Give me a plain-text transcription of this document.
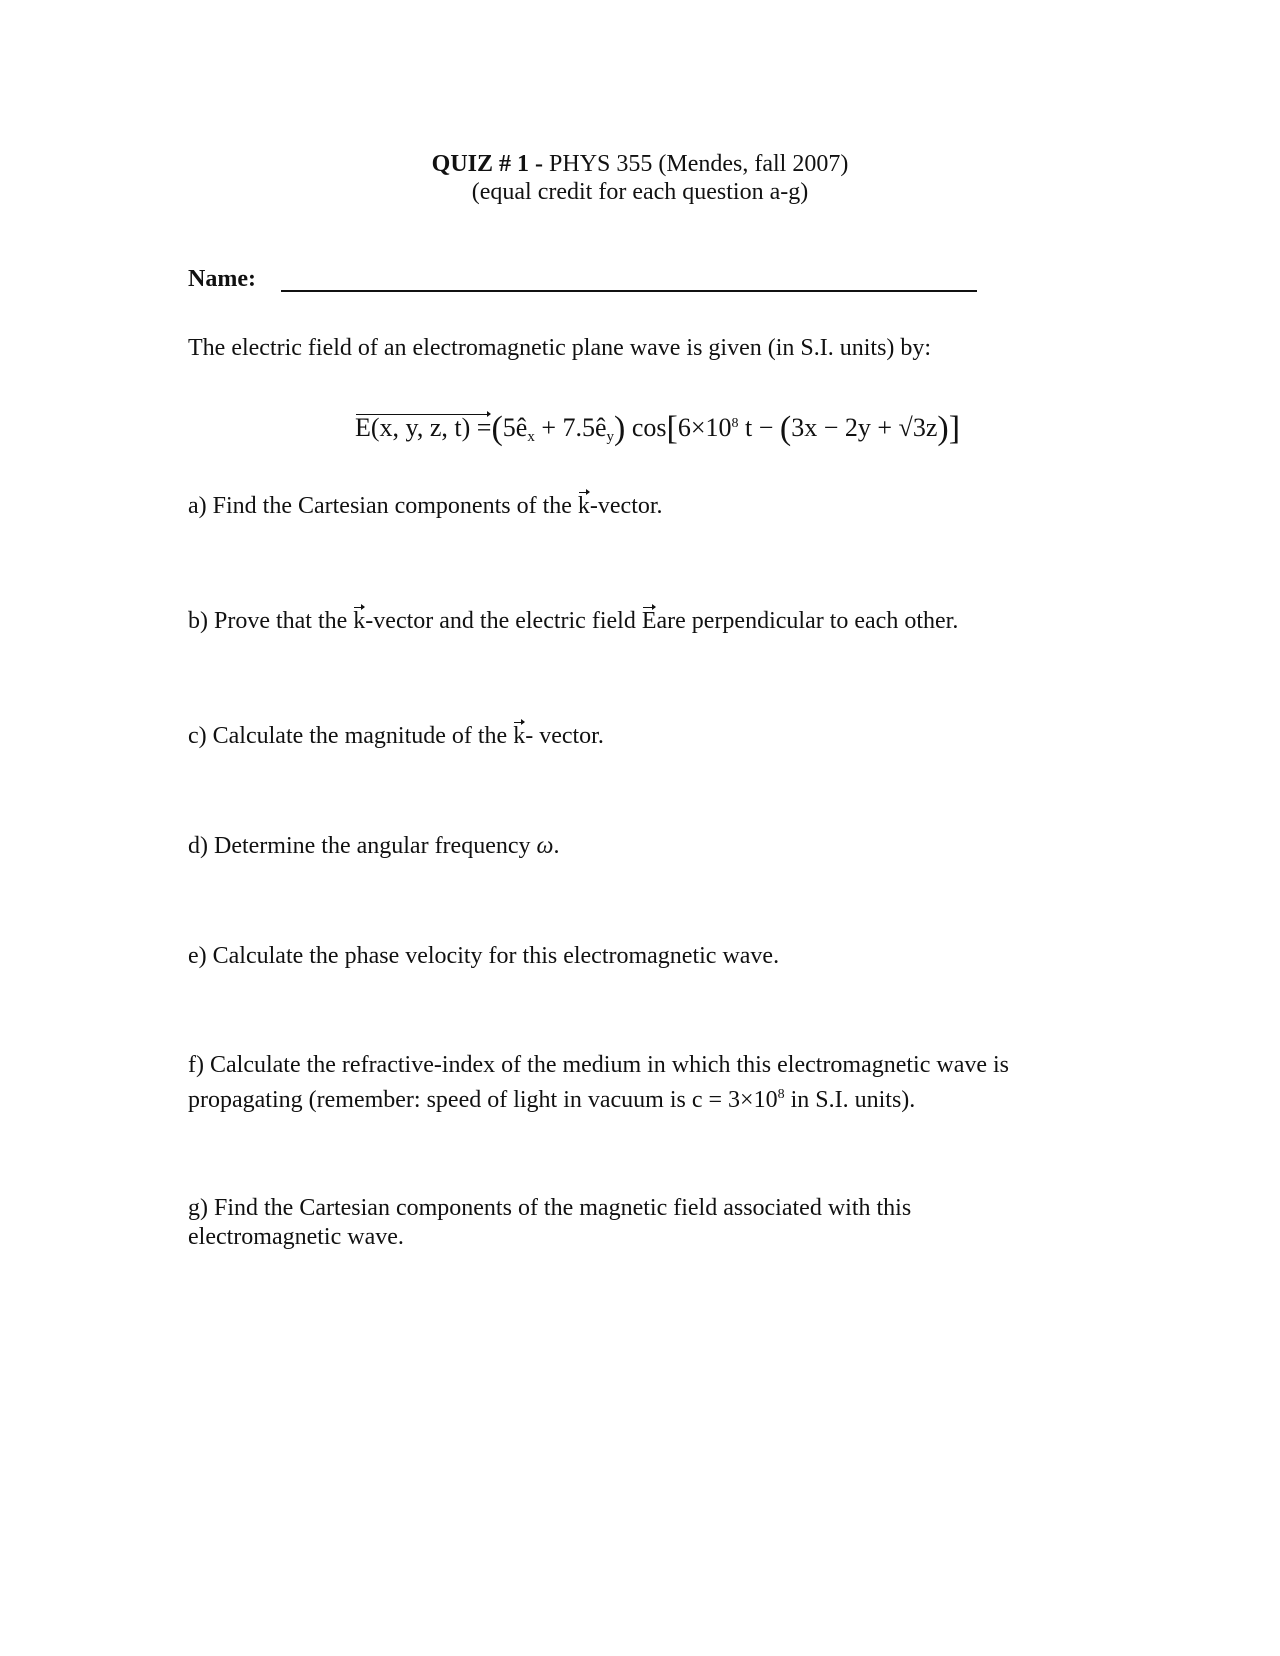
QUIZ # 1 - PHYS 355 (Mendes, fall 2007)
(equal credit for each question a-g)
Name:
The electric field of an electromagnetic plane wave is given (in S.I. units) by:
E(x, y, z, $t) =(5ê_x$ + $7.5ê_y$) $\cos[6\times 10^8$ t − (3x − 2y + √3z)]
a) Find the Cartesian components of the k-vector.
b) Prove that the k-vector and the electric field Eare perpendicular to each other.
c) Calculate the magnitude of the k- vector.
d) Determine the angular frequency ω.
e) Calculate the phase velocity for this electromagnetic wave.
f) Calculate the refractive-index of the medium in which this electromagnetic wave is
propagating (remember: speed of light in vacuum is $c = 3\times 10^8$ in S.I. units).
g) Find the Cartesian components of the magnetic field associated with this
electromagnetic wave.
